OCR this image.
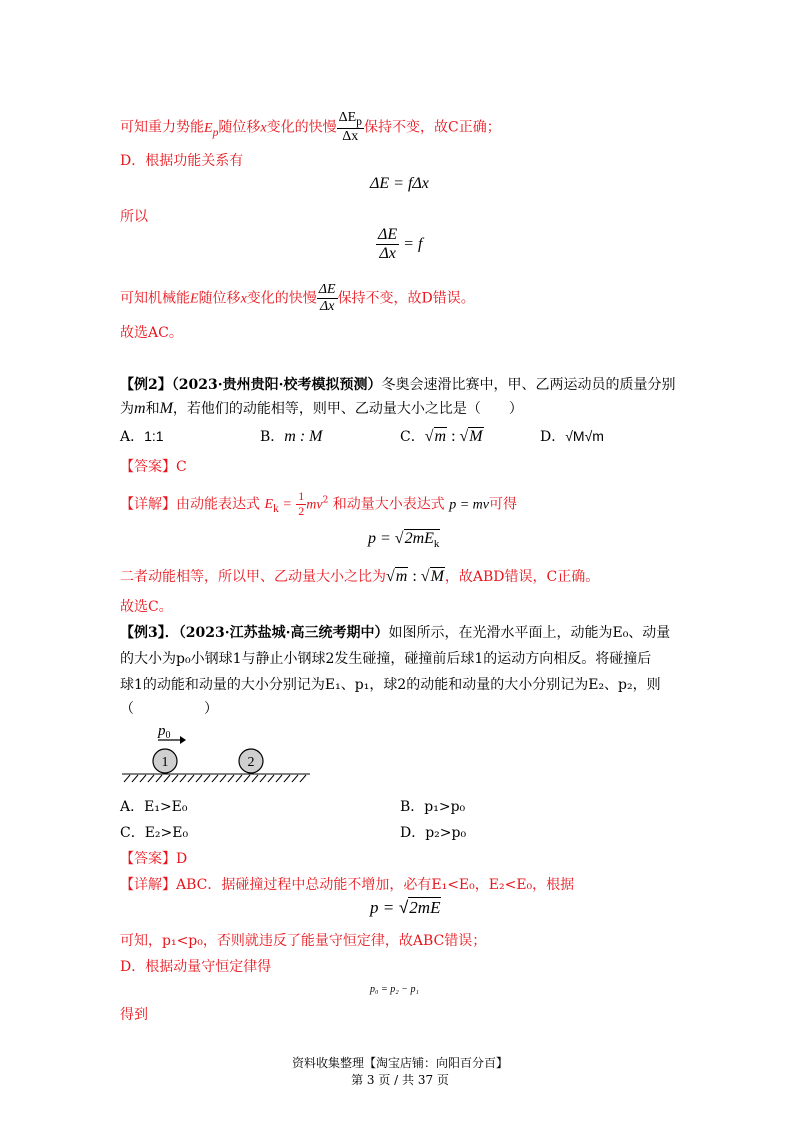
可知重力势能$E_p$随位移x变化的快慢 $\frac{\Delta E_p}{\Delta x}$ 保持不变，故C正确；
D．根据功能关系有
ΔE = fΔx
所以
$\frac{\Delta E}{\Delta x} = f$
可知机械能E随位移x变化的快慢 $\frac{\Delta E}{\Delta x}$ 保持不变，故D错误。
故选AC。
【例2】（2023·贵州贵阳·校考模拟预测）冬奥会速滑比赛中，甲、乙两运动员的质量分别
为m和M，若他们的动能相等，则甲、乙动量大小之比是（　　）
A．1:1	B．m : M	C．√m : √M	D．√M√m
【答案】C
【详解】由动能表达式 $E_k = \frac{1}{2} mv^2$ 和动量大小表达式 p = mv可得
$p = √2mE_k$
二者动能相等，所以甲、乙动量大小之比为√m : √M，故ABD错误，C正确。
故选C。
【例3】．（2023·江苏盐城·高三统考期中）如图所示，在光滑水平面上，动能为E₀、动量
的大小为p₀小钢球1与静止小钢球2发生碰撞，碰撞前后球1的运动方向相反。将碰撞后
球1的动能和动量的大小分别记为E₁、p₁，球2的动能和动量的大小分别记为E₂、p₂，则
（　　　　　）
$p_0$
1	2
A．E₁>E₀	B．p₁>p₀
C．E₂>E₀	D．p₂>p₀
【答案】D
【详解】ABC．据碰撞过程中总动能不增加，必有E₁<E₀，E₂<E₀，根据
p = √2mE
可知，p₁<p₀，否则就违反了能量守恒定律，故ABC错误；
D．根据动量守恒定律得
p₀ = p₂ − p₁
得到
资料收集整理【淘宝店铺：向阳百分百】
第 3 页 / 共 37 页
